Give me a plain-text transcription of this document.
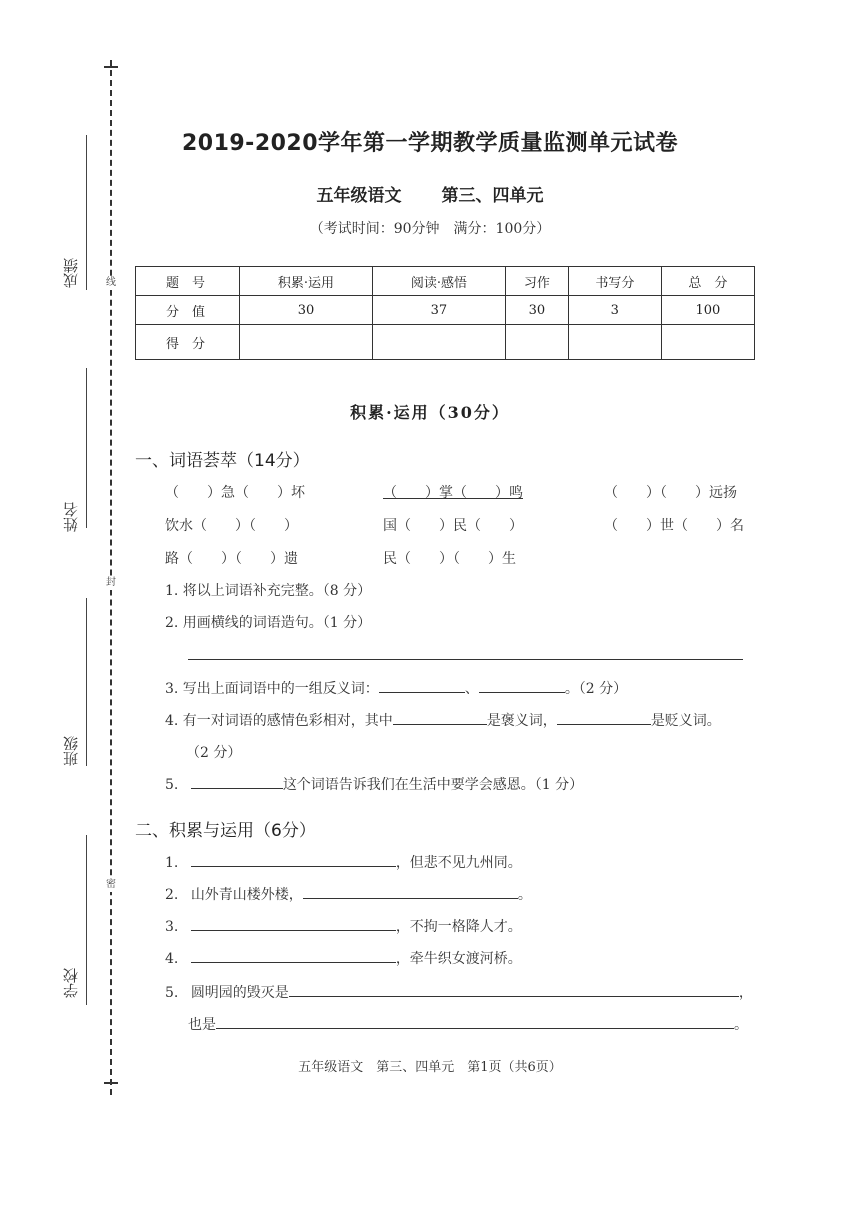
线
封
密
成绩
姓名
班级
学校
2019-2020学年第一学期教学质量监测单元试卷
五年级语文 第三、四单元
（考试时间：90分钟　满分：100分）
题　号	积累·运用	阅读·感悟	习作	书写分	总　分
分　值	30	37	30	3	100
得　分					
积累·运用（30分）
一、词语荟萃（14分）
（　　）急（　　）坏	（　　）掌（　　）鸣	（　　）（　　）远扬
饮水（　　）（　　）	国（　　）民（　　）	（　　）世（　　）名
路（　　）（　　）遗	民（　　）（　　）生
1. 将以上词语补充完整。（8 分）
2. 用画横线的词语造句。（1 分）
3. 写出上面词语中的一组反义词：	、	。（2 分）
4. 有一对词语的感情色彩相对，其中	是褒义词，	是贬义词。
（2 分）
5.	这个词语告诉我们在生活中要学会感恩。（1 分）
二、积累与运用（6分）
1.	，但悲不见九州同。
2. 山外青山楼外楼，	。
3.	，不拘一格降人才。
4.	，牵牛织女渡河桥。
5. 圆明园的毁灭是	，
也是	。
五年级语文　第三、四单元　第1页（共6页）
